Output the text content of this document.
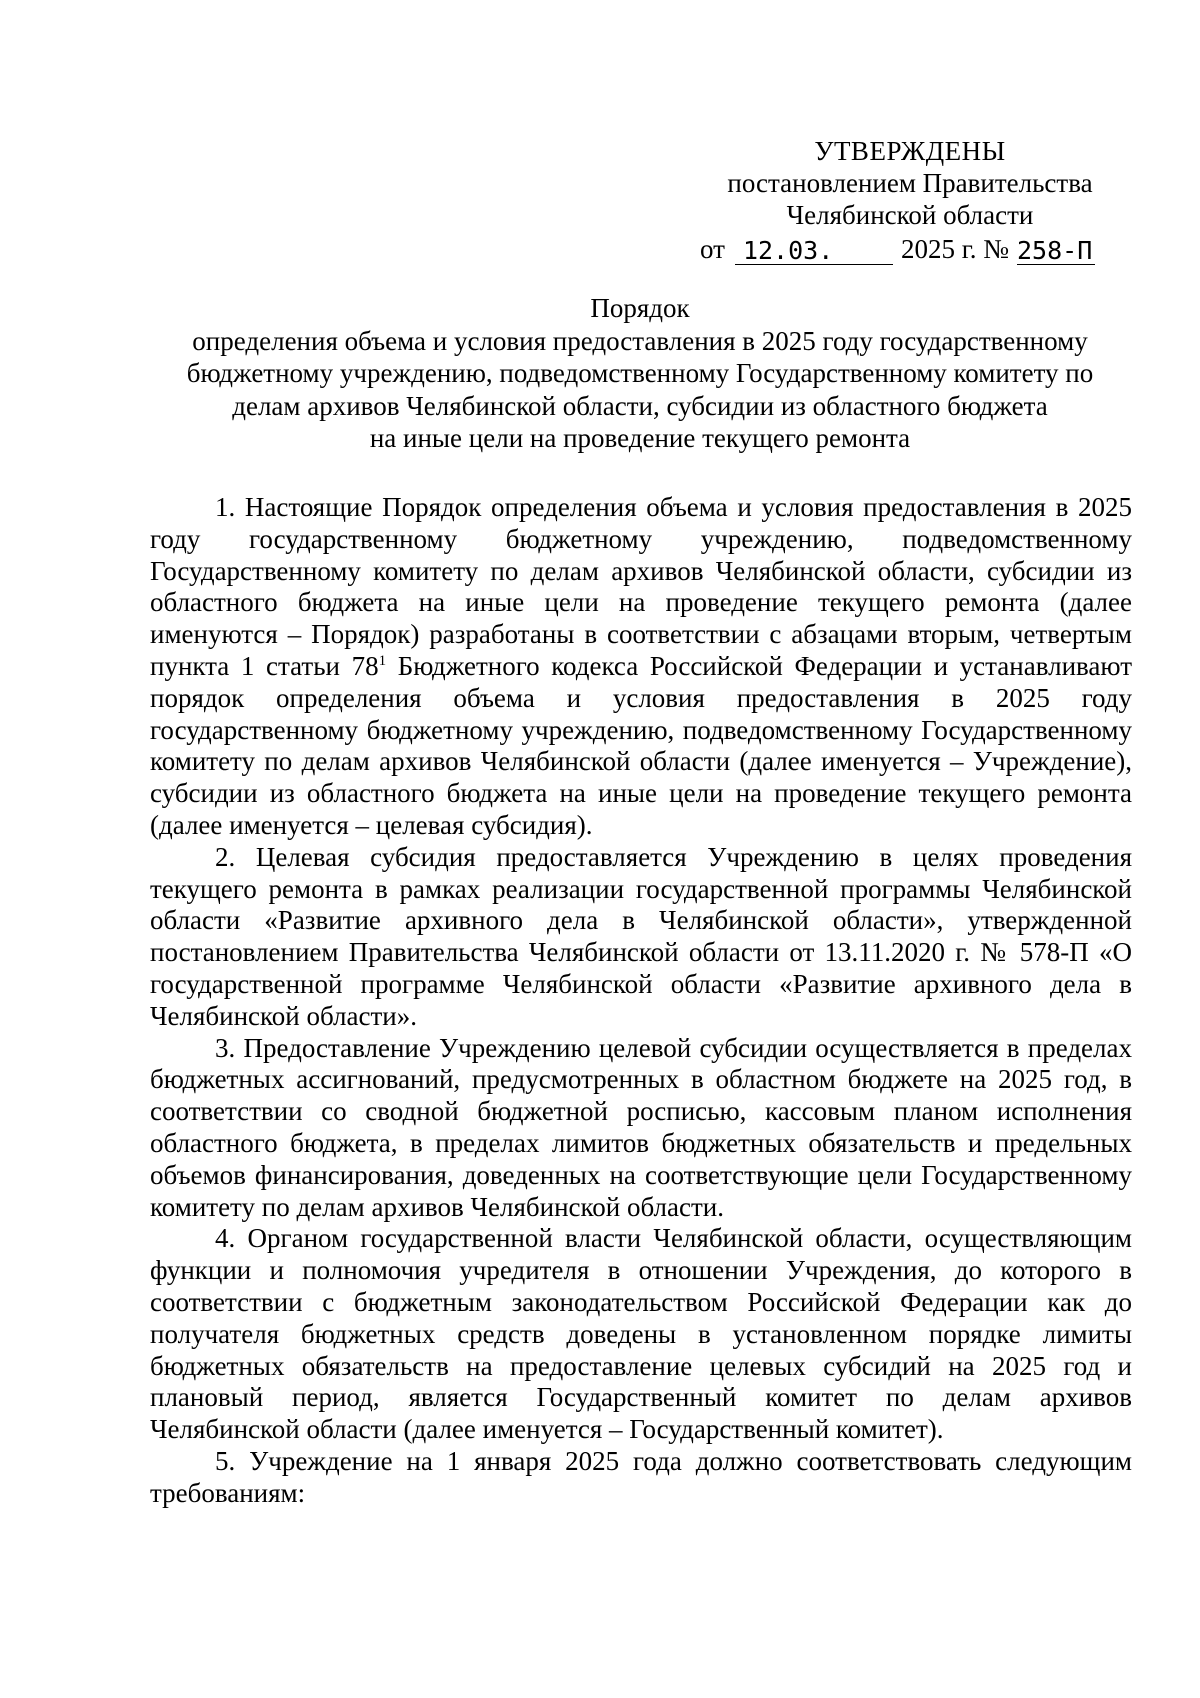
УТВЕРЖДЕНЫ
постановлением Правительства
Челябинской области
от 12.03.	2025 г. № 258-П
Порядок
определения объема и условия предоставления в 2025 году государственному
бюджетному учреждению, подведомственному Государственному комитету по
делам архивов Челябинской области, субсидии из областного бюджета
на иные цели на проведение текущего ремонта

1. Настоящие Порядок определения объема и условия предоставления в 2025 году государственному бюджетному учреждению, подведомственному Государственному комитету по делам архивов Челябинской области, субсидии из областного бюджета на иные цели на проведение текущего ремонта (далее именуются – Порядок) разработаны в соответствии с абзацами вторым, четвертым пункта 1 статьи $78^1$ Бюджетного кодекса Российской Федерации и устанавливают порядок определения объема и условия предоставления в 2025 году государственному бюджетному учреждению, подведомственному Государственному комитету по делам архивов Челябинской области (далее именуется – Учреждение), субсидии из областного бюджета на иные цели на проведение текущего ремонта (далее именуется – целевая субсидия).

2. Целевая субсидия предоставляется Учреждению в целях проведения текущего ремонта в рамках реализации государственной программы Челябинской области «Развитие архивного дела в Челябинской области», утвержденной постановлением Правительства Челябинской области от 13.11.2020 г. № 578-П «О государственной программе Челябинской области «Развитие архивного дела в Челябинской области».

3. Предоставление Учреждению целевой субсидии осуществляется в пределах бюджетных ассигнований, предусмотренных в областном бюджете на 2025 год, в соответствии со сводной бюджетной росписью, кассовым планом исполнения областного бюджета, в пределах лимитов бюджетных обязательств и предельных объемов финансирования, доведенных на соответствующие цели Государственному комитету по делам архивов Челябинской области.

4. Органом государственной власти Челябинской области, осуществляющим функции и полномочия учредителя в отношении Учреждения, до которого в соответствии с бюджетным законодательством Российской Федерации как до получателя бюджетных средств доведены в установленном порядке лимиты бюджетных обязательств на предоставление целевых субсидий на 2025 год и плановый период, является Государственный комитет по делам архивов Челябинской области (далее именуется – Государственный комитет).

5. Учреждение на 1 января 2025 года должно соответствовать следующим требованиям:
